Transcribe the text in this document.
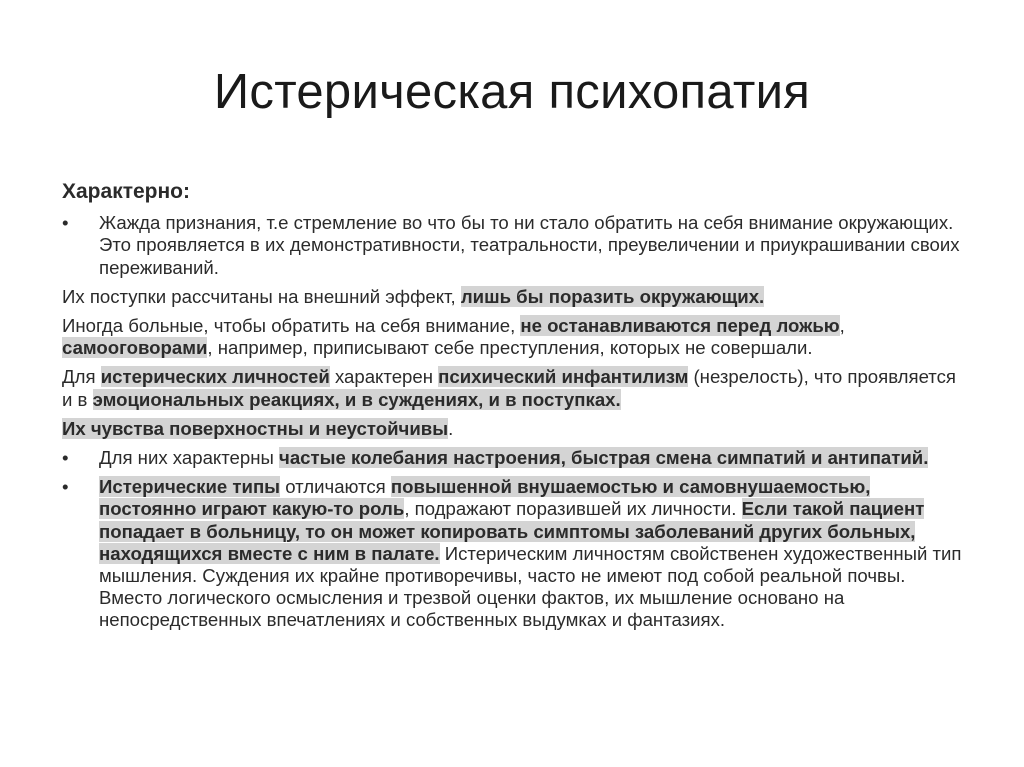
Истерическая психопатия
Характерно:
•	Жажда признания, т.е стремление во что бы то ни стало обратить на себя внимание окружающих. Это проявляется в их демонстративности, театральности, преувеличении и приукрашивании своих переживаний.

Их поступки рассчитаны на внешний эффект, лишь бы поразить окружающих.

Иногда больные, чтобы обратить на себя внимание, не останавливаются перед ложью, самооговорами, например, приписывают себе преступления, которых не совершали.

Для истерических личностей характерен психический инфантилизм (незрелость), что проявляется и в эмоциональных реакциях, и в суждениях, и в поступках.

Их чувства поверхностны и неустойчивы.

•	Для них характерны частые колебания настроения, быстрая смена симпатий и антипатий.
•	Истерические типы отличаются повышенной внушаемостью и самовнушаемостью, постоянно играют какую-то роль, подражают поразившей их личности. Если такой пациент попадает в больницу, то он может копировать симптомы заболеваний других больных, находящихся вместе с ним в палате. Истерическим личностям свойственен художественный тип мышления. Суждения их крайне противоречивы, часто не имеют под собой реальной почвы. Вместо логического осмысления и трезвой оценки фактов, их мышление основано на непосредственных впечатлениях и собственных выдумках и фантазиях.
